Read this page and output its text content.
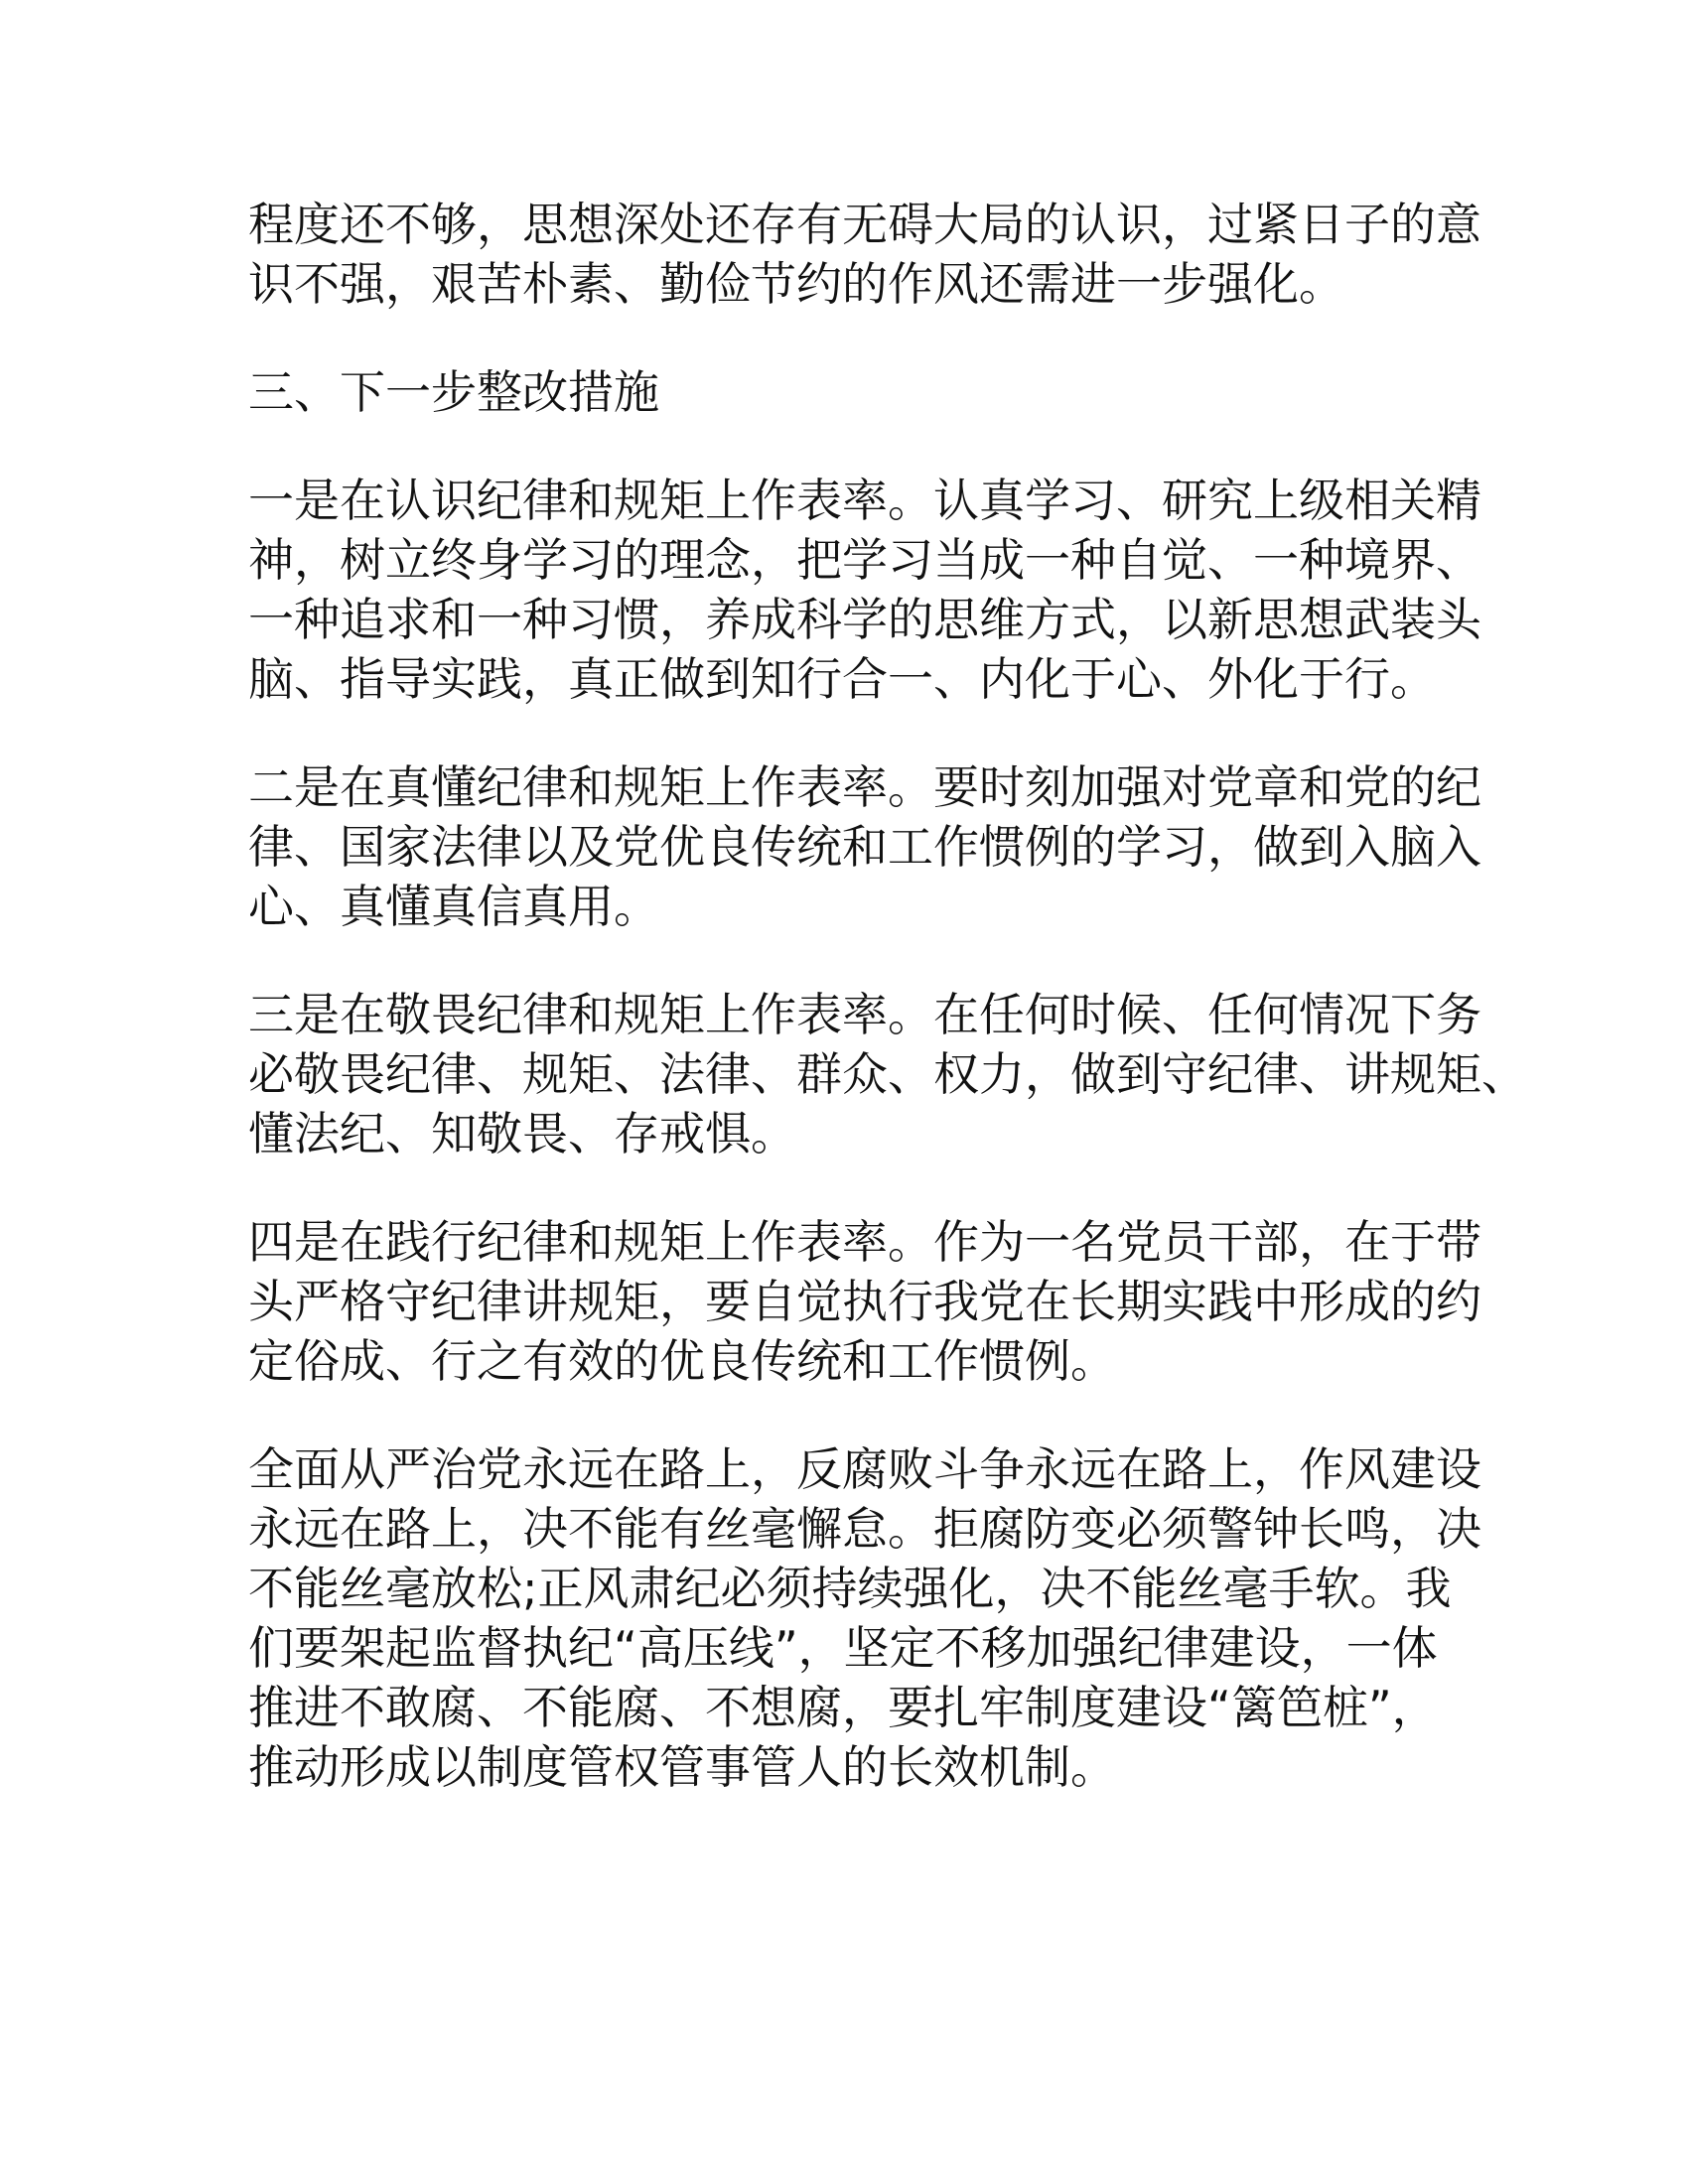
程度还不够，思想深处还存有无碍大局的认识，过紧日子的意
识不强，艰苦朴素、勤俭节约的作风还需进一步强化。

三、下一步整改措施

一是在认识纪律和规矩上作表率。认真学习、研究上级相关精
神，树立终身学习的理念，把学习当成一种自觉、一种境界、
一种追求和一种习惯，养成科学的思维方式，以新思想武装头
脑、指导实践，真正做到知行合一、内化于心、外化于行。

二是在真懂纪律和规矩上作表率。要时刻加强对党章和党的纪
律、国家法律以及党优良传统和工作惯例的学习，做到入脑入
心、真懂真信真用。

三是在敬畏纪律和规矩上作表率。在任何时候、任何情况下务
必敬畏纪律、规矩、法律、群众、权力，做到守纪律、讲规矩、
懂法纪、知敬畏、存戒惧。

四是在践行纪律和规矩上作表率。作为一名党员干部，在于带
头严格守纪律讲规矩，要自觉执行我党在长期实践中形成的约
定俗成、行之有效的优良传统和工作惯例。

全面从严治党永远在路上，反腐败斗争永远在路上，作风建设
永远在路上，决不能有丝毫懈怠。拒腐防变必须警钟长鸣，决
不能丝毫放松;正风肃纪必须持续强化，决不能丝毫手软。我
们要架起监督执纪“高压线”，坚定不移加强纪律建设，一体
推进不敢腐、不能腐、不想腐，要扎牢制度建设“篱笆桩”，
推动形成以制度管权管事管人的长效机制。
